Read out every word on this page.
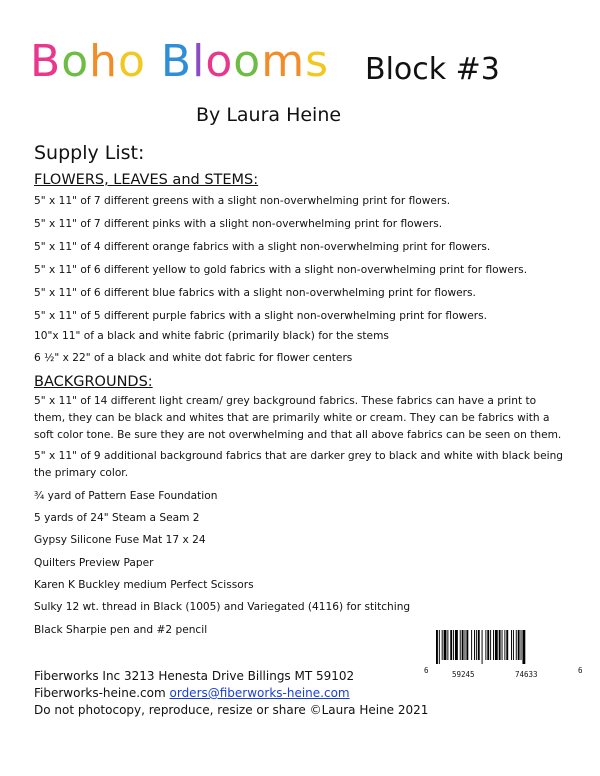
Boho Blooms Block #3
By Laura Heine
Supply List:
FLOWERS, LEAVES and STEMS:
5" x 11" of 7 different greens with a slight non-overwhelming print for flowers.
5" x 11" of 7 different pinks with a slight non-overwhelming print for flowers.
5" x 11" of 4 different orange fabrics with a slight non-overwhelming print for flowers.
5" x 11" of 6 different yellow to gold fabrics with a slight non-overwhelming print for flowers.
5" x 11" of 6 different blue fabrics with a slight non-overwhelming print for flowers.
5" x 11" of 5 different purple fabrics with a slight non-overwhelming print for flowers.
10"x 11" of a black and white fabric (primarily black) for the stems
6 ½" x 22" of a black and white dot fabric for flower centers
BACKGROUNDS:
5" x 11" of 14 different light cream/ grey background fabrics. These fabrics can have a print to them, they can be black and whites that are primarily white or cream. They can be fabrics with a soft color tone. Be sure they are not overwhelming and that all above fabrics can be seen on them.
5" x 11" of 9 additional background fabrics that are darker grey to black and white with black being the primary color.
¾ yard of Pattern Ease Foundation
5 yards of 24" Steam a Seam 2
Gypsy Silicone Fuse Mat 17 x 24
Quilters Preview Paper
Karen K Buckley medium Perfect Scissors
Sulky 12 wt. thread in Black (1005) and Variegated (4116) for stitching
Black Sharpie pen and #2 pencil
6	59245	74633	6
Fiberworks Inc 3213 Henesta Drive Billings MT 59102
Fiberworks-heine.com orders@fiberworks-heine.com
Do not photocopy, reproduce, resize or share ©Laura Heine 2021
